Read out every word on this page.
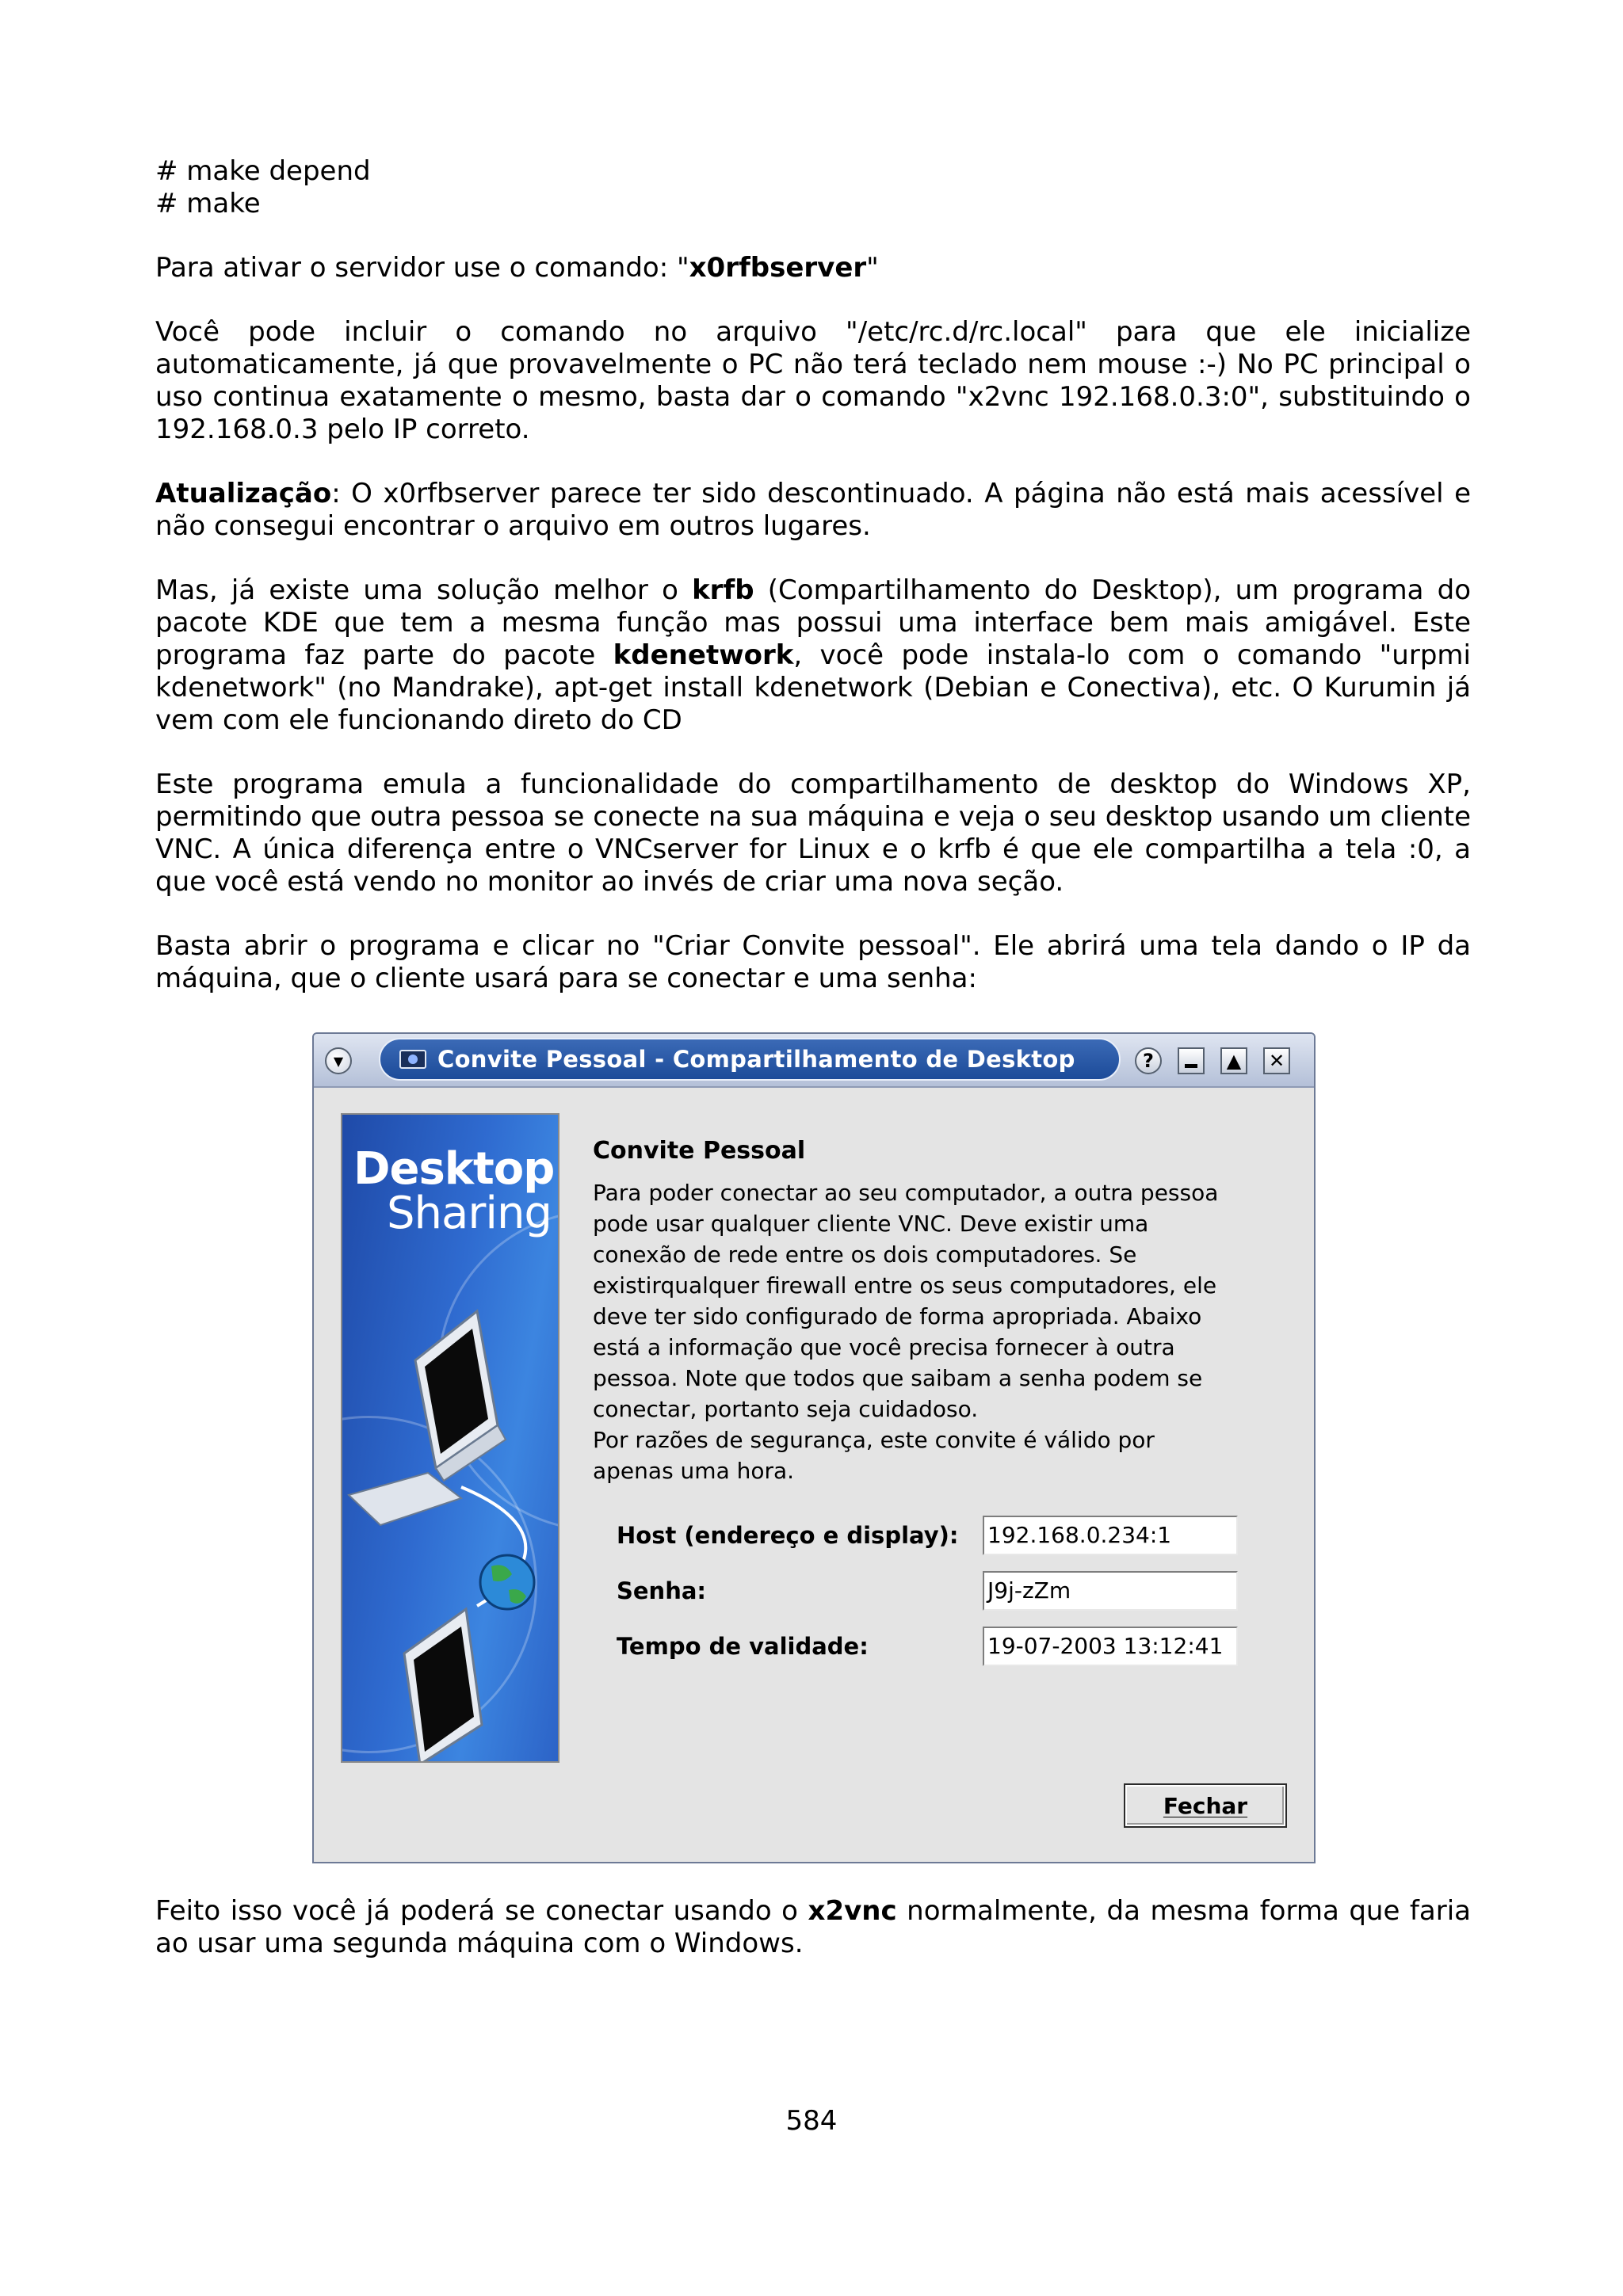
# make depend
# make

Para ativar o servidor use o comando: "x0rfbserver"

Você pode incluir o comando no arquivo "/etc/rc.d/rc.local" para que ele inicialize automaticamente, já que provavelmente o PC não terá teclado nem mouse :-) No PC principal o uso continua exatamente o mesmo, basta dar o comando "x2vnc 192.168.0.3:0", substituindo o 192.168.0.3 pelo IP correto.

Atualização: O x0rfbserver parece ter sido descontinuado. A página não está mais acessível e não consegui encontrar o arquivo em outros lugares.

Mas, já existe uma solução melhor o krfb (Compartilhamento do Desktop), um programa do pacote KDE que tem a mesma função mas possui uma interface bem mais amigável. Este programa faz parte do pacote kdenetwork, você pode instala-lo com o comando "urpmi kdenetwork" (no Mandrake), apt-get install kdenetwork (Debian e Conectiva), etc. O Kurumin já vem com ele funcionando direto do CD

Este programa emula a funcionalidade do compartilhamento de desktop do Windows XP, permitindo que outra pessoa se conecte na sua máquina e veja o seu desktop usando um cliente VNC. A única diferença entre o VNCserver for Linux e o krfb é que ele compartilha a tela :0, a que você está vendo no monitor ao invés de criar uma nova seção.

Basta abrir o programa e clicar no "Criar Convite pessoal". Ele abrirá uma tela dando o IP da máquina, que o cliente usará para se conectar e uma senha:

▼	Convite Pessoal - Compartilhamento de Desktop	?	▲	✕
Desktop
Sharing
Convite Pessoal
Para poder conectar ao seu computador, a outra pessoa
pode usar qualquer cliente VNC. Deve existir uma
conexão de rede entre os dois computadores. Se
existirqualquer firewall entre os seus computadores, ele
deve ter sido configurado de forma apropriada. Abaixo
está a informação que você precisa fornecer à outra
pessoa. Note que todos que saibam a senha podem se
conectar, portanto seja cuidadoso.
Por razões de segurança, este convite é válido por
apenas uma hora.
Host (endereço e display): 192.168.0.234:1
Senha:	J9j-zZm
Tempo de validade:	19-07-2003 13:12:41
Fechar

Feito isso você já poderá se conectar usando o x2vnc normalmente, da mesma forma que faria ao usar uma segunda máquina com o Windows.

584
